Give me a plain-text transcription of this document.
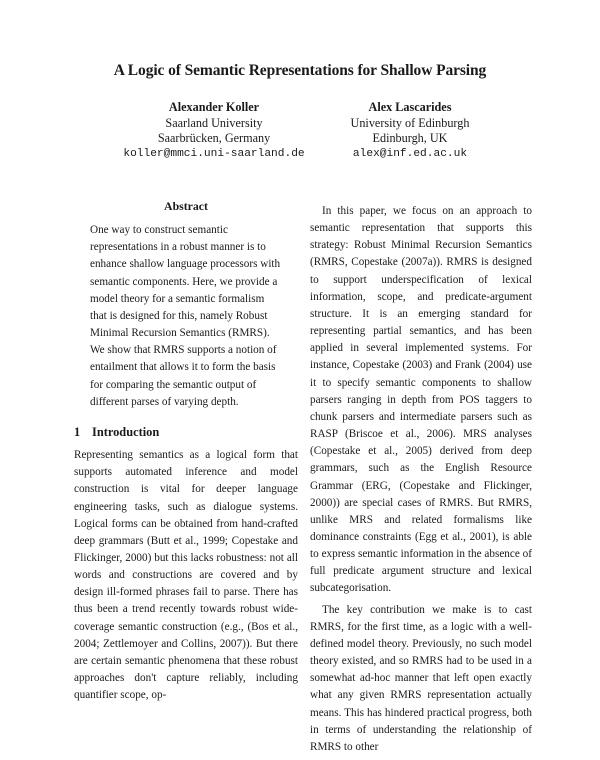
A Logic of Semantic Representations for Shallow Parsing
Alexander Koller
Saarland University
Saarbrücken, Germany
koller@mmci.uni-saarland.de
Alex Lascarides
University of Edinburgh
Edinburgh, UK
alex@inf.ed.ac.uk
Abstract
One way to construct semantic representations in a robust manner is to enhance shallow language processors with semantic components. Here, we provide a model theory for a semantic formalism that is designed for this, namely Robust Minimal Recursion Semantics (RMRS). We show that RMRS supports a notion of entailment that allows it to form the basis for comparing the semantic output of different parses of varying depth.
1 Introduction
Representing semantics as a logical form that supports automated inference and model construction is vital for deeper language engineering tasks, such as dialogue systems. Logical forms can be obtained from hand-crafted deep grammars (Butt et al., 1999; Copestake and Flickinger, 2000) but this lacks robustness: not all words and constructions are covered and by design ill-formed phrases fail to parse. There has thus been a trend recently towards robust wide-coverage semantic construction (e.g., (Bos et al., 2004; Zettlemoyer and Collins, 2007)). But there are certain semantic phenomena that these robust approaches don't capture reliably, including quantifier scope, op-
In this paper, we focus on an approach to semantic representation that supports this strategy: Robust Minimal Recursion Semantics (RMRS, Copestake (2007a)). RMRS is designed to support underspecification of lexical information, scope, and predicate-argument structure. It is an emerging standard for representing partial semantics, and has been applied in several implemented systems. For instance, Copestake (2003) and Frank (2004) use it to specify semantic components to shallow parsers ranging in depth from POS taggers to chunk parsers and intermediate parsers such as RASP (Briscoe et al., 2006). MRS analyses (Copestake et al., 2005) derived from deep grammars, such as the English Resource Grammar (ERG, (Copestake and Flickinger, 2000)) are special cases of RMRS. But RMRS, unlike MRS and related formalisms like dominance constraints (Egg et al., 2001), is able to express semantic information in the absence of full predicate argument structure and lexical subcategorisation.
The key contribution we make is to cast RMRS, for the first time, as a logic with a well-defined model theory. Previously, no such model theory existed, and so RMRS had to be used in a somewhat ad-hoc manner that left open exactly what any given RMRS representation actually means. This has hindered practical progress, both in terms of understanding the relationship of RMRS to other
